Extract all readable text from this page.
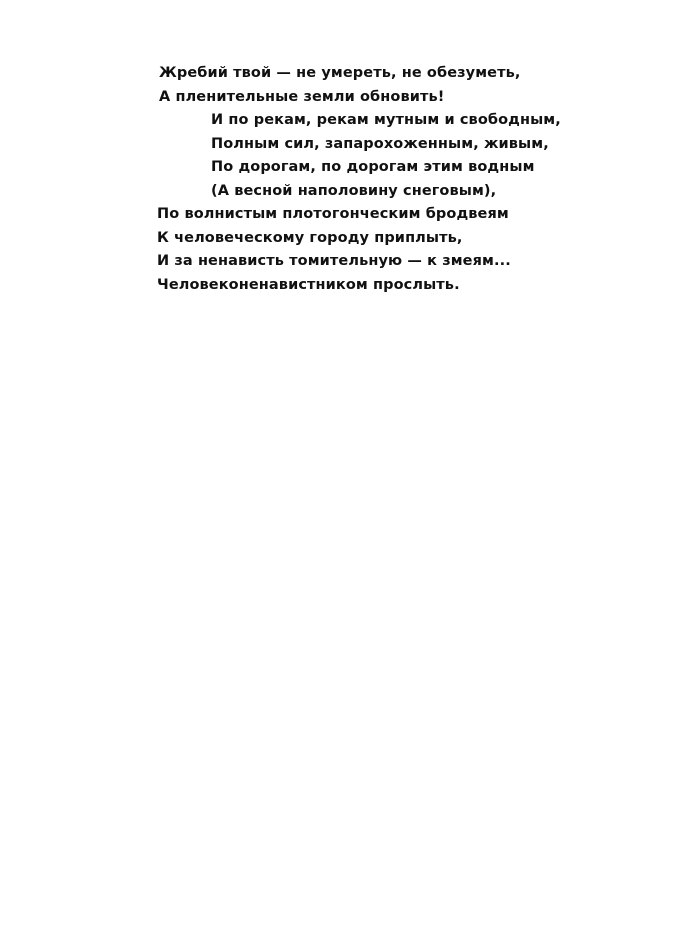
Жребий твой — не умереть, не обезуметь,
А пленительные земли обновить!
И по рекам, рекам мутным и свободным,
Полным сил, запарохоженным, живым,
По дорогам, по дорогам этим водным
(А весной наполовину снеговым),
По волнистым плотогонческим бродвеям
К человеческому городу приплыть,
И за ненависть томительную — к змеям...
Человеконенавистником прослыть.
